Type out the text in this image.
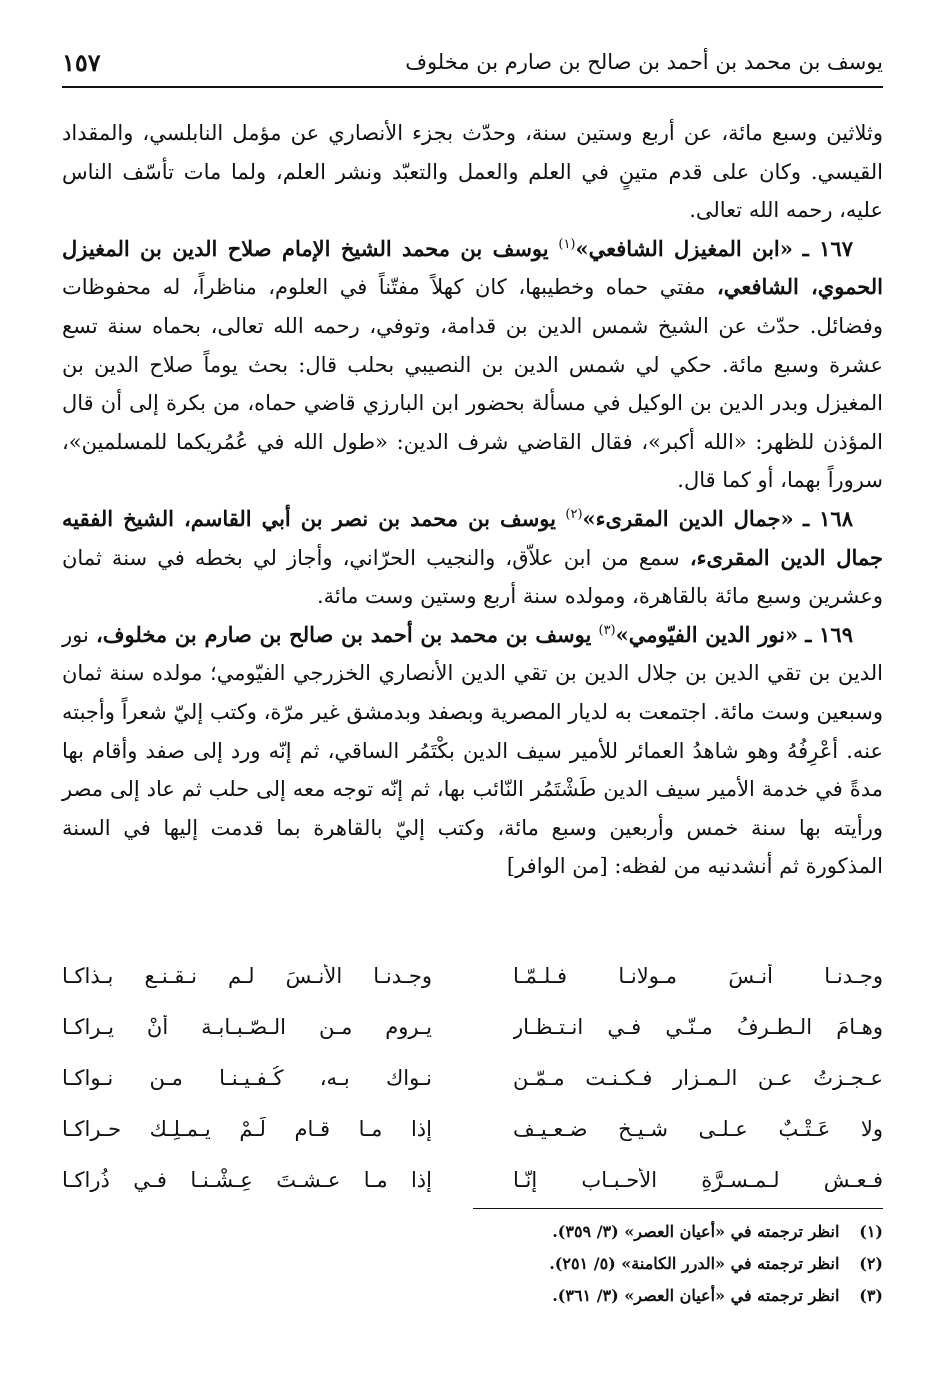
يوسف بن محمد بن أحمد بن صالح بن صارم بن مخلوف
١٥٧

وثلاثين وسبع مائة، عن أربع وستين سنة، وحدّث بجزء الأنصاري عن مؤمل النابلسي، والمقداد القيسي. وكان على قدم متينٍ في العلم والعمل والتعبّد ونشر العلم، ولما مات تأسّف الناس عليه، رحمه الله تعالى.

١٦٧ ـ «ابن المغيزل الشافعي»$^{(١)}$ يوسف بن محمد الشيخ الإمام صلاح الدين بن المغيزل الحموي، الشافعي، مفتي حماه وخطيبها، كان كهلاً مفتّناً في العلوم، مناظراً، له محفوظات وفضائل. حدّث عن الشيخ شمس الدين بن قدامة، وتوفي، رحمه الله تعالى، بحماه سنة تسع عشرة وسبع مائة. حكي لي شمس الدين بن النصيبي بحلب قال: بحث يوماً صلاح الدين بن المغيزل وبدر الدين بن الوكيل في مسألة بحضور ابن البارزي قاضي حماه، من بكرة إلى أن قال المؤذن للظهر: «الله أكبر»، فقال القاضي شرف الدين: «طول الله في عُمُريكما للمسلمين»، سروراً بهما، أو كما قال.

١٦٨ ـ «جمال الدين المقرىء»$^{(٢)}$ يوسف بن محمد بن نصر بن أبي القاسم، الشيخ الفقيه جمال الدين المقرىء، سمع من ابن علاّق، والنجيب الحرّاني، وأجاز لي بخطه في سنة ثمان وعشرين وسبع مائة بالقاهرة، ومولده سنة أربع وستين وست مائة.

١٦٩ ـ «نور الدين الفيّومي»$^{(٣)}$ يوسف بن محمد بن أحمد بن صالح بن صارم بن مخلوف، نور الدين بن تقي الدين بن جلال الدين بن تقي الدين الأنصاري الخزرجي الفيّومي؛ مولده سنة ثمان وسبعين وست مائة. اجتمعت به لديار المصرية وبصفد وبدمشق غير مرّة، وكتب إليّ شعراً وأجبته عنه. أعْرِفُهُ وهو شاهدُ العمائر للأمير سيف الدين بكْتَمُر الساقي، ثم إنّه ورد إلى صفد وأقام بها مدةً في خدمة الأمير سيف الدين طَشْتَمُر النّائب بها، ثم إنّه توجه معه إلى حلب ثم عاد إلى مصر ورأيته بها سنة خمس وأربعين وسبع مائة، وكتب إليّ بالقاهرة بما قدمت إليها في السنة المذكورة ثم أنشدنيه من لفظه: [من الوافر]

وجـدنـا أُنـسَ مـولانـا فـلـمّـا
وجـدنـا الأُنـسَ لـم نـقـنـع بـذاكـا
وهـامَ الـطـرفُ مـنّـي فـي انـتـظـارٍ
يـروم مـن الـصّـبـابـة أنْ يـراكـا
عـجـزتُ عـن الـمـزار فـكـنـت مـمّـن
نـواك بـه، كُـفـيـنـا مـن نـواكـا
ولا عَـتْـبٌ عـلـى شـيـخٍ ضـعـيـف
إذا مـا قـام لَـمْ يـمـلِـك حـراكـا
فـعـش لـمـسـرَّةِ الأحـبـاب إنّـا
إذا مـا عـشـتَ عِـشْـنـا فـي ذُراكـا

(١) انظر ترجمته في «أعيان العصر» (٣/ ٣٥٩).

(٢) انظر ترجمته في «الدرر الكامنة» (٥/ ٢٥١).

(٣) انظر ترجمته في «أعيان العصر» (٣/ ٣٦١).
